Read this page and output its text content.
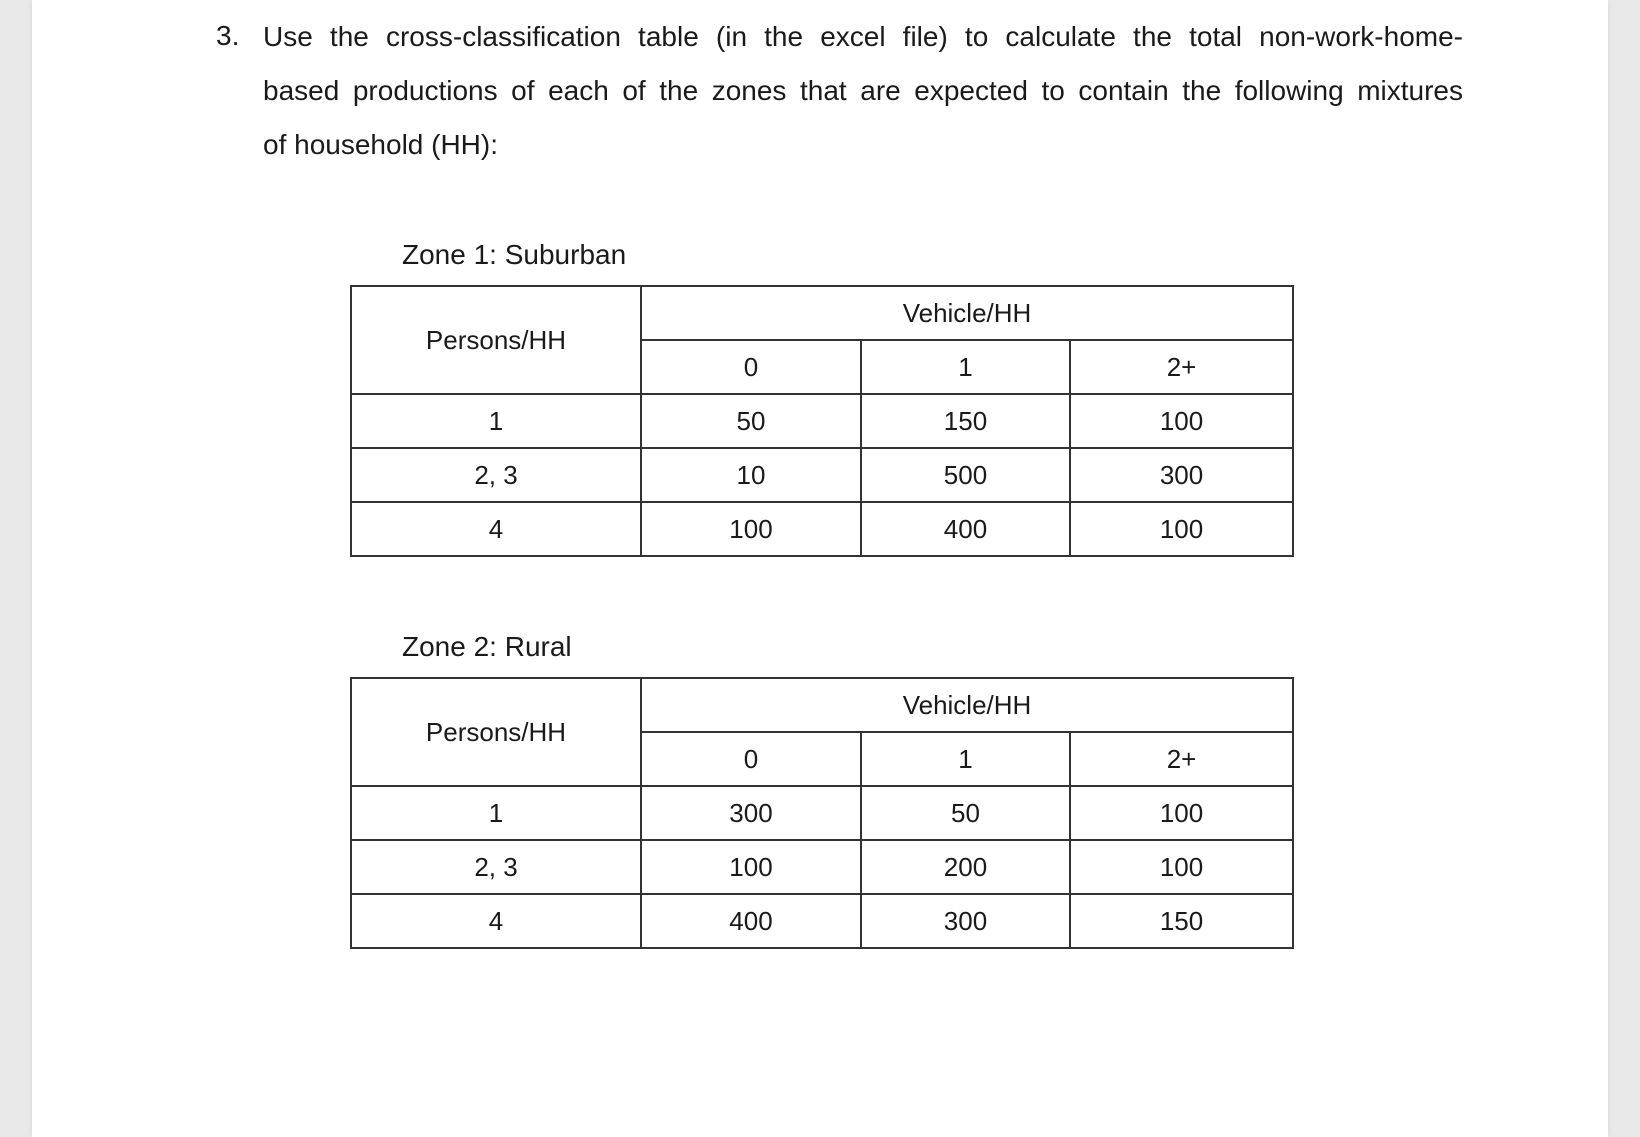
3. Use the cross-classification table (in the excel file) to calculate the total non-work-home-
based productions of each of the zones that are expected to contain the following mixtures
of household (HH):
Zone 1: Suburban
Persons/HH	Vehicle/HH		
	0	1	2+
1	50	150	100
2, 3	10	500	300
4	100	400	100
Zone 2: Rural
Persons/HH	Vehicle/HH		
	0	1	2+
1	300	50	100
2, 3	100	200	100
4	400	300	150
